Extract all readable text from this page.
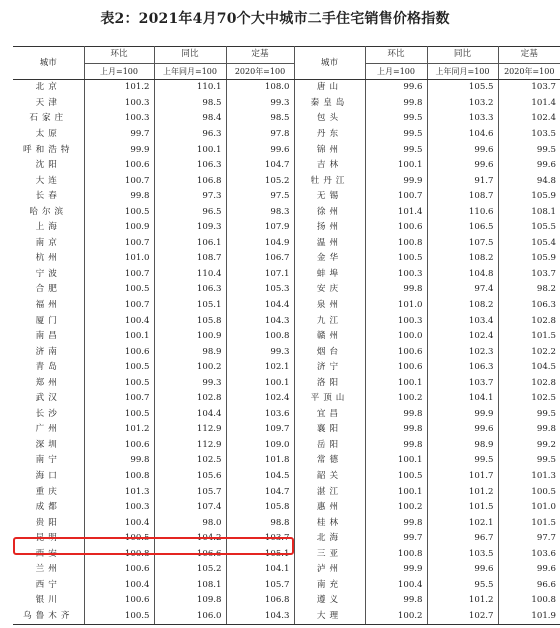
表2：2021年4月70个大中城市二手住宅销售价格指数
城市	环比	同比	定基	城市	环比	同比	定基
	上月=100	上年同月=100	2020年=100		上月=100	上年同月=100	2020年=100
北京	101.2	110.1	108.0	唐山	99.6	105.5	103.7
天津	100.3	98.5	99.3	秦皇岛	99.8	103.2	101.4
石家庄	100.3	98.4	98.5	包头	99.5	103.3	102.4
太原	99.7	96.3	97.8	丹东	99.5	104.6	103.5
呼和浩特	99.9	100.1	99.6	锦州	99.5	99.6	99.5
沈阳	100.6	106.3	104.7	吉林	100.1	99.6	99.6
大连	100.7	106.8	105.2	牡丹江	99.9	91.7	94.8
长春	99.8	97.3	97.5	无锡	100.7	108.7	105.9
哈尔滨	100.5	96.5	98.3	徐州	101.4	110.6	108.1
上海	100.9	109.3	107.9	扬州	100.6	106.5	105.5
南京	100.7	106.1	104.9	温州	100.8	107.5	105.4
杭州	101.0	108.7	106.7	金华	100.5	108.2	105.9
宁波	100.7	110.4	107.1	蚌埠	100.3	104.8	103.7
合肥	100.5	106.3	105.3	安庆	99.8	97.4	98.2
福州	100.7	105.1	104.4	泉州	101.0	108.2	106.3
厦门	100.4	105.8	104.3	九江	100.3	103.4	102.8
南昌	100.1	100.9	100.8	赣州	100.0	102.4	101.5
济南	100.6	98.9	99.3	烟台	100.6	102.3	102.2
青岛	100.5	100.2	102.1	济宁	100.6	106.3	104.5
郑州	100.5	99.3	100.1	洛阳	100.1	103.7	102.8
武汉	100.7	102.8	102.4	平顶山	100.2	104.1	102.5
长沙	100.5	104.4	103.6	宜昌	99.8	99.9	99.5
广州	101.2	112.9	109.7	襄阳	99.8	99.6	99.8
深圳	100.6	112.9	109.0	岳阳	99.8	98.9	99.2
南宁	99.8	102.5	101.8	常德	100.1	99.5	99.5
海口	100.8	105.6	104.5	韶关	100.5	101.7	101.3
重庆	101.3	105.7	104.7	湛江	100.1	101.2	100.5
成都	100.3	107.4	105.8	惠州	100.2	101.5	101.0
贵阳	100.4	98.0	98.8	桂林	99.8	102.1	101.5
昆明	100.5	104.2	103.7	北海	99.7	96.7	97.7
西安	100.8	106.6	105.1	三亚	100.8	103.5	103.6
兰州	100.6	105.2	104.1	泸州	99.9	99.6	99.6
西宁	100.4	108.1	105.7	南充	100.4	95.5	96.6
银川	100.6	109.8	106.8	遵义	99.8	101.2	100.8
乌鲁木齐	100.5	106.0	104.3	大理	100.2	102.7	101.9
